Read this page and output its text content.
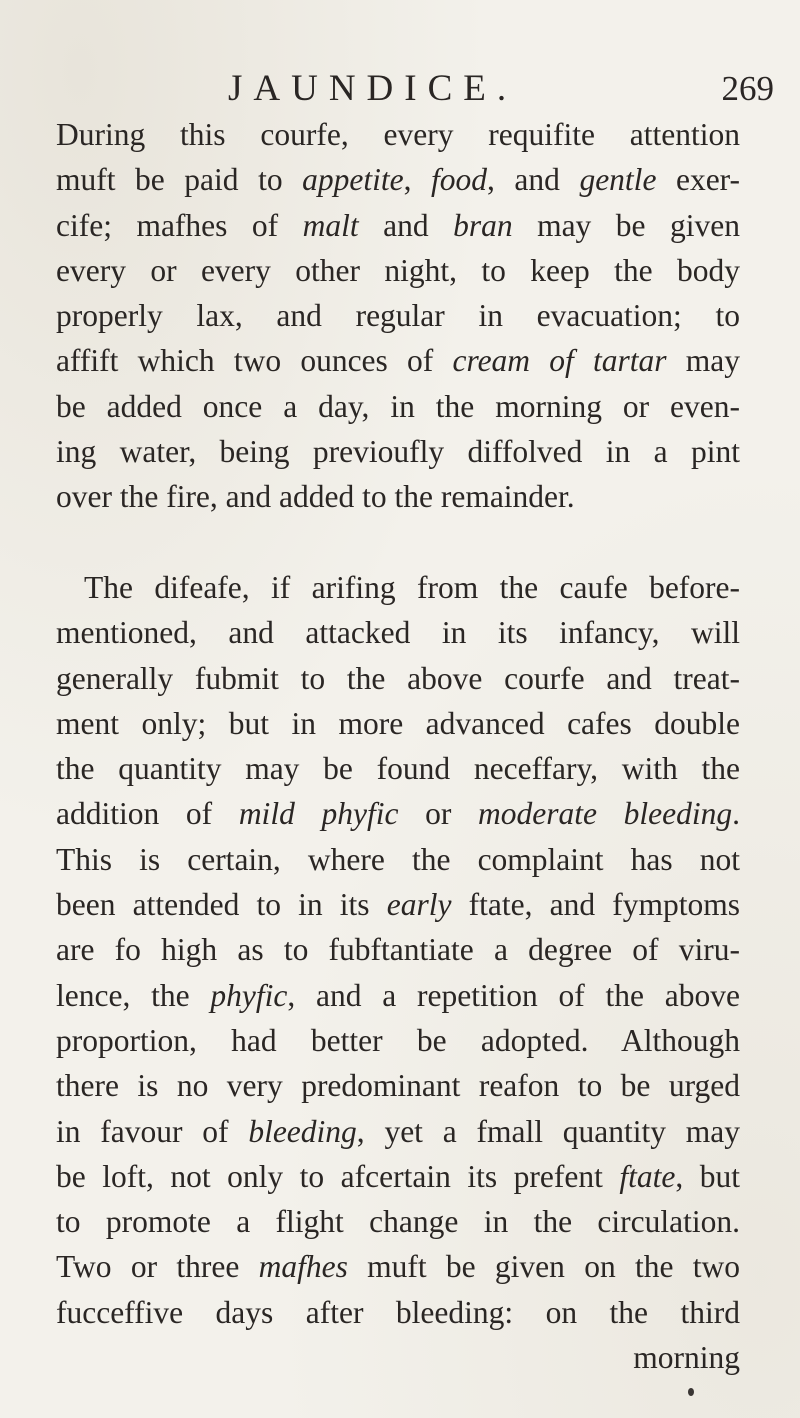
JAUNDICE.	269
During this courfe, every requifite attention
muft be paid to appetite, food, and gentle exer-
cife; mafhes of malt and bran may be given
every or every other night, to keep the body
properly lax, and regular in evacuation; to
affift which two ounces of cream of tartar may
be added once a day, in the morning or even-
ing water, being previoufly diffolved in a pint
over the fire, and added to the remainder.
The difeafe, if arifing from the caufe before-
mentioned, and attacked in its infancy, will
generally fubmit to the above courfe and treat-
ment only; but in more advanced cafes double
the quantity may be found neceffary, with the
addition of mild phyfic or moderate bleeding.
This is certain, where the complaint has not
been attended to in its early ftate, and fymptoms
are fo high as to fubftantiate a degree of viru-
lence, the phyfic, and a repetition of the above
proportion, had better be adopted. Although
there is no very predominant reafon to be urged
in favour of bleeding, yet a fmall quantity may
be loft, not only to afcertain its prefent ftate, but
to promote a flight change in the circulation.
Two or three mafhes muft be given on the two
fucceffive days after bleeding: on the third
morning
